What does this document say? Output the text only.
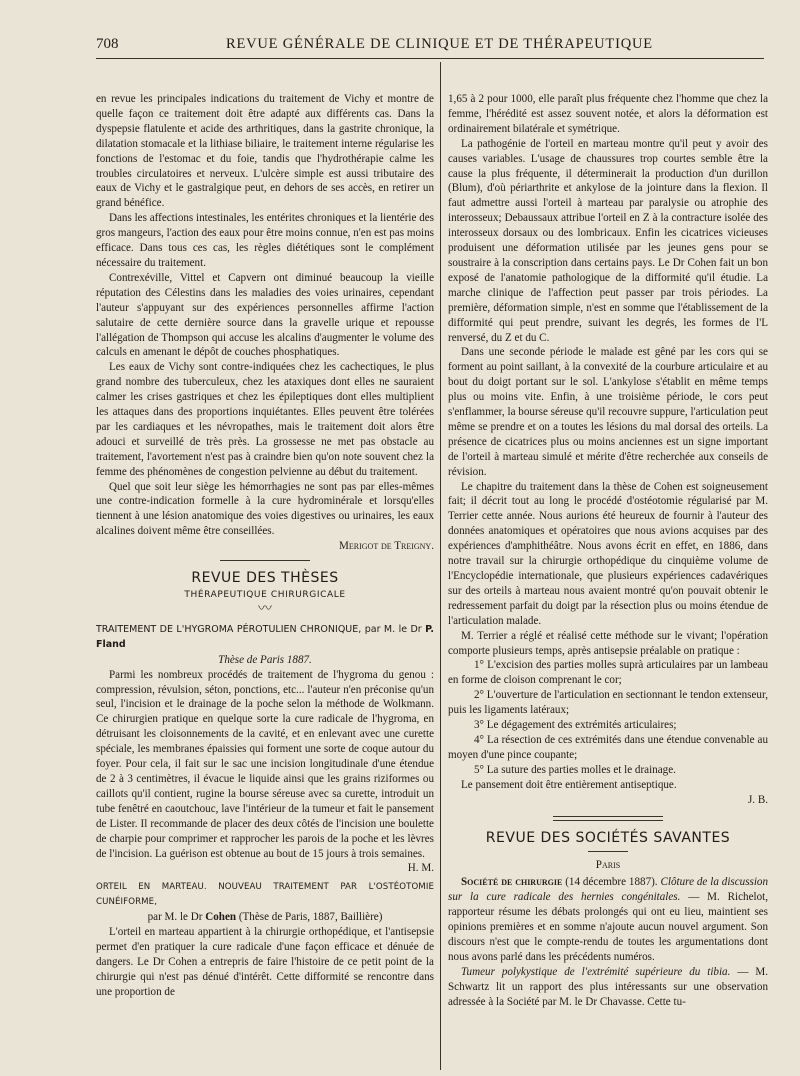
708	REVUE GÉNÉRALE DE CLINIQUE ET DE THÉRAPEUTIQUE

en revue les principales indications du traitement de Vichy et montre de quelle façon ce traitement doit être adapté aux différents cas. Dans la dyspepsie flatulente et acide des arthritiques, dans la gastrite chronique, la dilatation stomacale et la lithiase biliaire, le traitement interne régularise les fonctions de l'estomac et du foie, tandis que l'hydrothérapie calme les troubles circulatoires et nerveux. L'ulcère simple est aussi tributaire des eaux de Vichy et le gastralgique peut, en dehors de ses accès, en retirer un grand bénéfice.

Dans les affections intestinales, les entérites chroniques et la lientérie des gros mangeurs, l'action des eaux pour être moins connue, n'en est pas moins efficace. Dans tous ces cas, les règles diététiques sont le complément nécessaire du traitement.

Contrexéville, Vittel et Capvern ont diminué beaucoup la vieille réputation des Célestins dans les maladies des voies urinaires, cependant l'auteur s'appuyant sur des expériences personnelles affirme l'action salutaire de cette dernière source dans la gravelle urique et repousse l'allégation de Thompson qui accuse les alcalins d'augmenter le volume des calculs en amenant le dépôt de couches phosphatiques.

Les eaux de Vichy sont contre-indiquées chez les cachectiques, le plus grand nombre des tuberculeux, chez les ataxiques dont elles ne sauraient calmer les crises gastriques et chez les épileptiques dont elles multiplient les attaques dans des proportions inquiétantes. Elles peuvent être tolérées par les cardiaques et les névropathes, mais le traitement doit alors être adouci et surveillé de très près. La grossesse ne met pas obstacle au traitement, l'avortement n'est pas à craindre bien qu'on note souvent chez la femme des phénomènes de congestion pelvienne au début du traitement.

Quel que soit leur siège les hémorrhagies ne sont pas par elles-mêmes une contre-indication formelle à la cure hydrominérale et lorsqu'elles tiennent à une lésion anatomique des voies digestives ou urinaires, les eaux alcalines doivent même être conseillées.

Merigot de Treigny.

REVUE DES THÈSES
THÉRAPEUTIQUE CHIRURGICALE
〰

TRAITEMENT DE L'HYGROMA PÉROTULIEN CHRONIQUE, par M. le Dr P. Fland

Thèse de Paris 1887.

Parmi les nombreux procédés de traitement de l'hygroma du genou : compression, révulsion, séton, ponctions, etc... l'auteur n'en préconise qu'un seul, l'incision et le drainage de la poche selon la méthode de Wolkmann. Ce chirurgien pratique en quelque sorte la cure radicale de l'hygroma, en détruisant les cloisonnements de la cavité, et en enlevant avec une curette spéciale, les membranes épaissies qui forment une sorte de coque autour du foyer. Pour cela, il fait sur le sac une incision longitudinale d'une étendue de 2 à 3 centimètres, il évacue le liquide ainsi que les grains riziformes ou caillots qu'il contient, rugine la bourse séreuse avec sa curette, introduit un tube fenêtré en caoutchouc, lave l'intérieur de la tumeur et fait le pansement de Lister. Il recommande de placer des deux côtés de l'incision une boulette de charpie pour comprimer et rapprocher les parois de la poche et les lèvres de l'incision. La guérison est obtenue au bout de 15 jours à trois semaines.

H. M.

ORTEIL EN MARTEAU. NOUVEAU TRAITEMENT PAR L'OSTÉOTOMIE CUNÉIFORME,

par M. le Dr Cohen (Thèse de Paris, 1887, Baillière)

L'orteil en marteau appartient à la chirurgie orthopédique, et l'antisepsie permet d'en pratiquer la cure radicale d'une façon efficace et dénuée de dangers. Le Dr Cohen a entrepris de faire l'histoire de ce petit point de la chirurgie qui n'est pas dénué d'intérêt. Cette difformité se rencontre dans une proportion de

1,65 à 2 pour 1000, elle paraît plus fréquente chez l'homme que chez la femme, l'hérédité est assez souvent notée, et alors la déformation est ordinairement bilatérale et symétrique.

La pathogénie de l'orteil en marteau montre qu'il peut y avoir des causes variables. L'usage de chaussures trop courtes semble être la cause la plus fréquente, il déterminerait la production d'un durillon (Blum), d'où périarthrite et ankylose de la jointure dans la flexion. Il faut admettre aussi l'orteil à marteau par paralysie ou atrophie des interosseux; Debaussaux attribue l'orteil en Z à la contracture isolée des interosseux dorsaux ou des lombricaux. Enfin les cicatrices vicieuses produisent une déformation utilisée par les jeunes gens pour se soustraire à la conscription dans certains pays. Le Dr Cohen fait un bon exposé de l'anatomie pathologique de la difformité qu'il étudie. La marche clinique de l'affection peut passer par trois périodes. La première, déformation simple, n'est en somme que l'établissement de la difformité qui peut prendre, suivant les degrés, les formes de l'L renversé, du Z et du C.

Dans une seconde période le malade est gêné par les cors qui se forment au point saillant, à la convexité de la courbure articulaire et au bout du doigt portant sur le sol. L'ankylose s'établit en même temps plus ou moins vite. Enfin, à une troisième période, le cors peut s'enflammer, la bourse séreuse qu'il recouvre suppure, l'articulation peut même se prendre et on a toutes les lésions du mal dorsal des orteils. La présence de cicatrices plus ou moins anciennes est un signe important de l'orteil à marteau simulé et mérite d'être recherchée aux conseils de révision.

Le chapitre du traitement dans la thèse de Cohen est soigneusement fait; il décrit tout au long le procédé d'ostéotomie régularisé par M. Terrier cette année. Nous aurions été heureux de fournir à l'auteur des données anatomiques et opératoires que nous avions acquises par des expériences d'amphithéâtre. Nous avons écrit en effet, en 1886, dans notre travail sur la chirurgie orthopédique du cinquième volume de l'Encyclopédie internationale, que plusieurs expériences cadavériques sur des orteils à marteau nous avaient montré qu'on pouvait obtenir le redressement parfait du doigt par la résection plus ou moins étendue de l'articulation malade.

M. Terrier a réglé et réalisé cette méthode sur le vivant; l'opération comporte plusieurs temps, après antisepsie préalable on pratique :

1° L'excision des parties molles suprà articulaires par un lambeau en forme de cloison comprenant le cor;

2° L'ouverture de l'articulation en sectionnant le tendon extenseur, puis les ligaments latéraux;

3° Le dégagement des extrémités articulaires;

4° La résection de ces extrémités dans une étendue convenable au moyen d'une pince coupante;

5° La suture des parties molles et le drainage.

Le pansement doit être entièrement antiseptique.

J. B.

REVUE DES SOCIÉTÉS SAVANTES
Paris

Société de chirurgie (14 décembre 1887). Clôture de la discussion sur la cure radicale des hernies congénitales. — M. Richelot, rapporteur résume les débats prolongés qui ont eu lieu, maintient ses opinions premières et en somme n'ajoute aucun nouvel argument. Son discours n'est que le compte-rendu de toutes les argumentations dont nous avons parlé dans les précédents numéros.

Tumeur polykystique de l'extrémité supérieure du tibia. — M. Schwartz lit un rapport des plus intéressants sur une observation adressée à la Société par M. le Dr Chavasse. Cette tu-
